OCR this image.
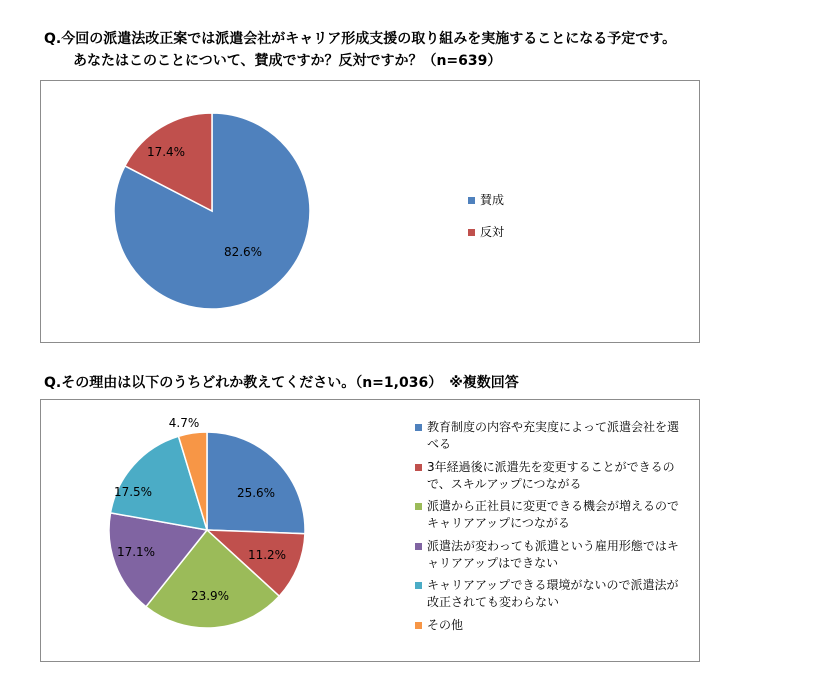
Q.今回の派遣法改正案では派遣会社がキャリア形成支援の取り組みを実施することになる予定です。
あなたはこのことについて、賛成ですか？反対ですか？（n=639）
82.6%
17.4%
賛成
反対
Q.その理由は以下のうちどれか教えてください。（n=1,036）　※複数回答
25.6%
11.2%
23.9%
17.1%
17.5%
4.7%	教育制度の内容や充実度によって派遣会社を選べる
3年経過後に派遣先を変更することができるので、スキルアップにつながる
派遣から正社員に変更できる機会が増えるのでキャリアアップにつながる
派遣法が変わっても派遣という雇用形態ではキャリアアップはできない
キャリアアップできる環境がないので派遣法が改正されても変わらない
その他
